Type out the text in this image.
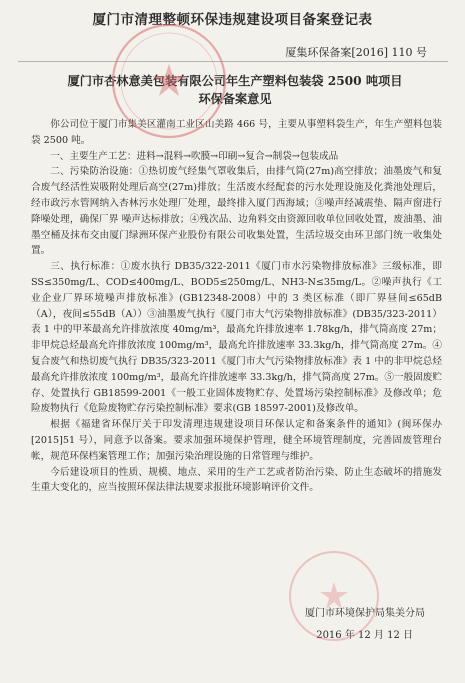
厦门市清理整顿环保违规建设项目备案登记表
厦集环保备案[2016] 110 号
厦门市杏林意美包装有限公司年生产塑料包装袋 2500 吨项目
环保备案意见

你公司位于厦门市集美区灌南工业区山美路 466 号，主要从事塑料袋生产，年生产塑料包装袋 2500 吨。

一、主要生产工艺：进料→混料→吹膜→印刷→复合→制袋→包装成品

二、污染防治设施：①热切废气经集气罩收集后，由排气筒(27m)高空排放；油墨废气和复合废气经活性炭吸附处理后高空(27m)排放；生活废水经配套的污水处理设施及化粪池处理后，经市政污水管网纳入杏林污水处理厂处理，最终排入厦门西海域；③噪声经减震垫、隔声窗进行降噪处理，确保厂界 噪声达标排放；④残次品、边角料交由资源回收单位回收处置，废油墨、油墨空桶及抹布交由厦门绿洲环保产业股份有限公司收集处置，生活垃圾交由环卫部门统一收集处置。

三、执行标准：①废水执行 DB35/322-2011《厦门市水污染物排放标准》三级标准，即 SS≤350mg/L、COD≤400mg/L、BOD5≤250mg/L、NH3-N≤35mg/L。②噪声执行《工业企业厂界环境噪声排放标准》(GB12348-2008）中的 3 类区标准（即厂界昼间≤65dB（A），夜间≤55dB（A））③油墨废气执行《厦门市大气污染物排放标准》(DB35/323-2011）表 1 中的甲苯最高允许排放浓度 40mg/m³，最高允许排放速率 1.78kg/h，排气筒高度 27m；非甲烷总烃最高允许排放浓度 100mg/m³，最高允许排放速率 33.3kg/h，排气筒高度 27m。④复合废气和热切废气执行 DB35/323-2011《厦门市大气污染物排放标准》表 1 中的非甲烷总烃最高允许排放浓度 100mg/m³，最高允许排放速率 33.3kg/h，排气筒高度 27m。⑤一般固废贮存、处置执行 GB18599-2001《一般工业固体废物贮存、处置场污染控制标准》及修改单；危险废物执行《危险废物贮存污染控制标准》要求(GB 18597-2001)及修改单。

根据《福建省环保厅关于印发清理违规建设项目环保认定和备案条件的通知》(闽环保办[2015]51 号），同意予以备案。要求加强环境保护管理，健全环境管理制度，完善固废管理台帐，规范环保档案管理工作；加强污染治理设施的日常管理与维护。

今后建设项目的性质、规模、地点、采用的生产工艺或者防治污染、防止生态破坏的措施发生重大变化的，应当按照环保法律法规要求报批环境影响评价文件。

厦门市环境保护局集美分局
2016 年 12 月 12 日
